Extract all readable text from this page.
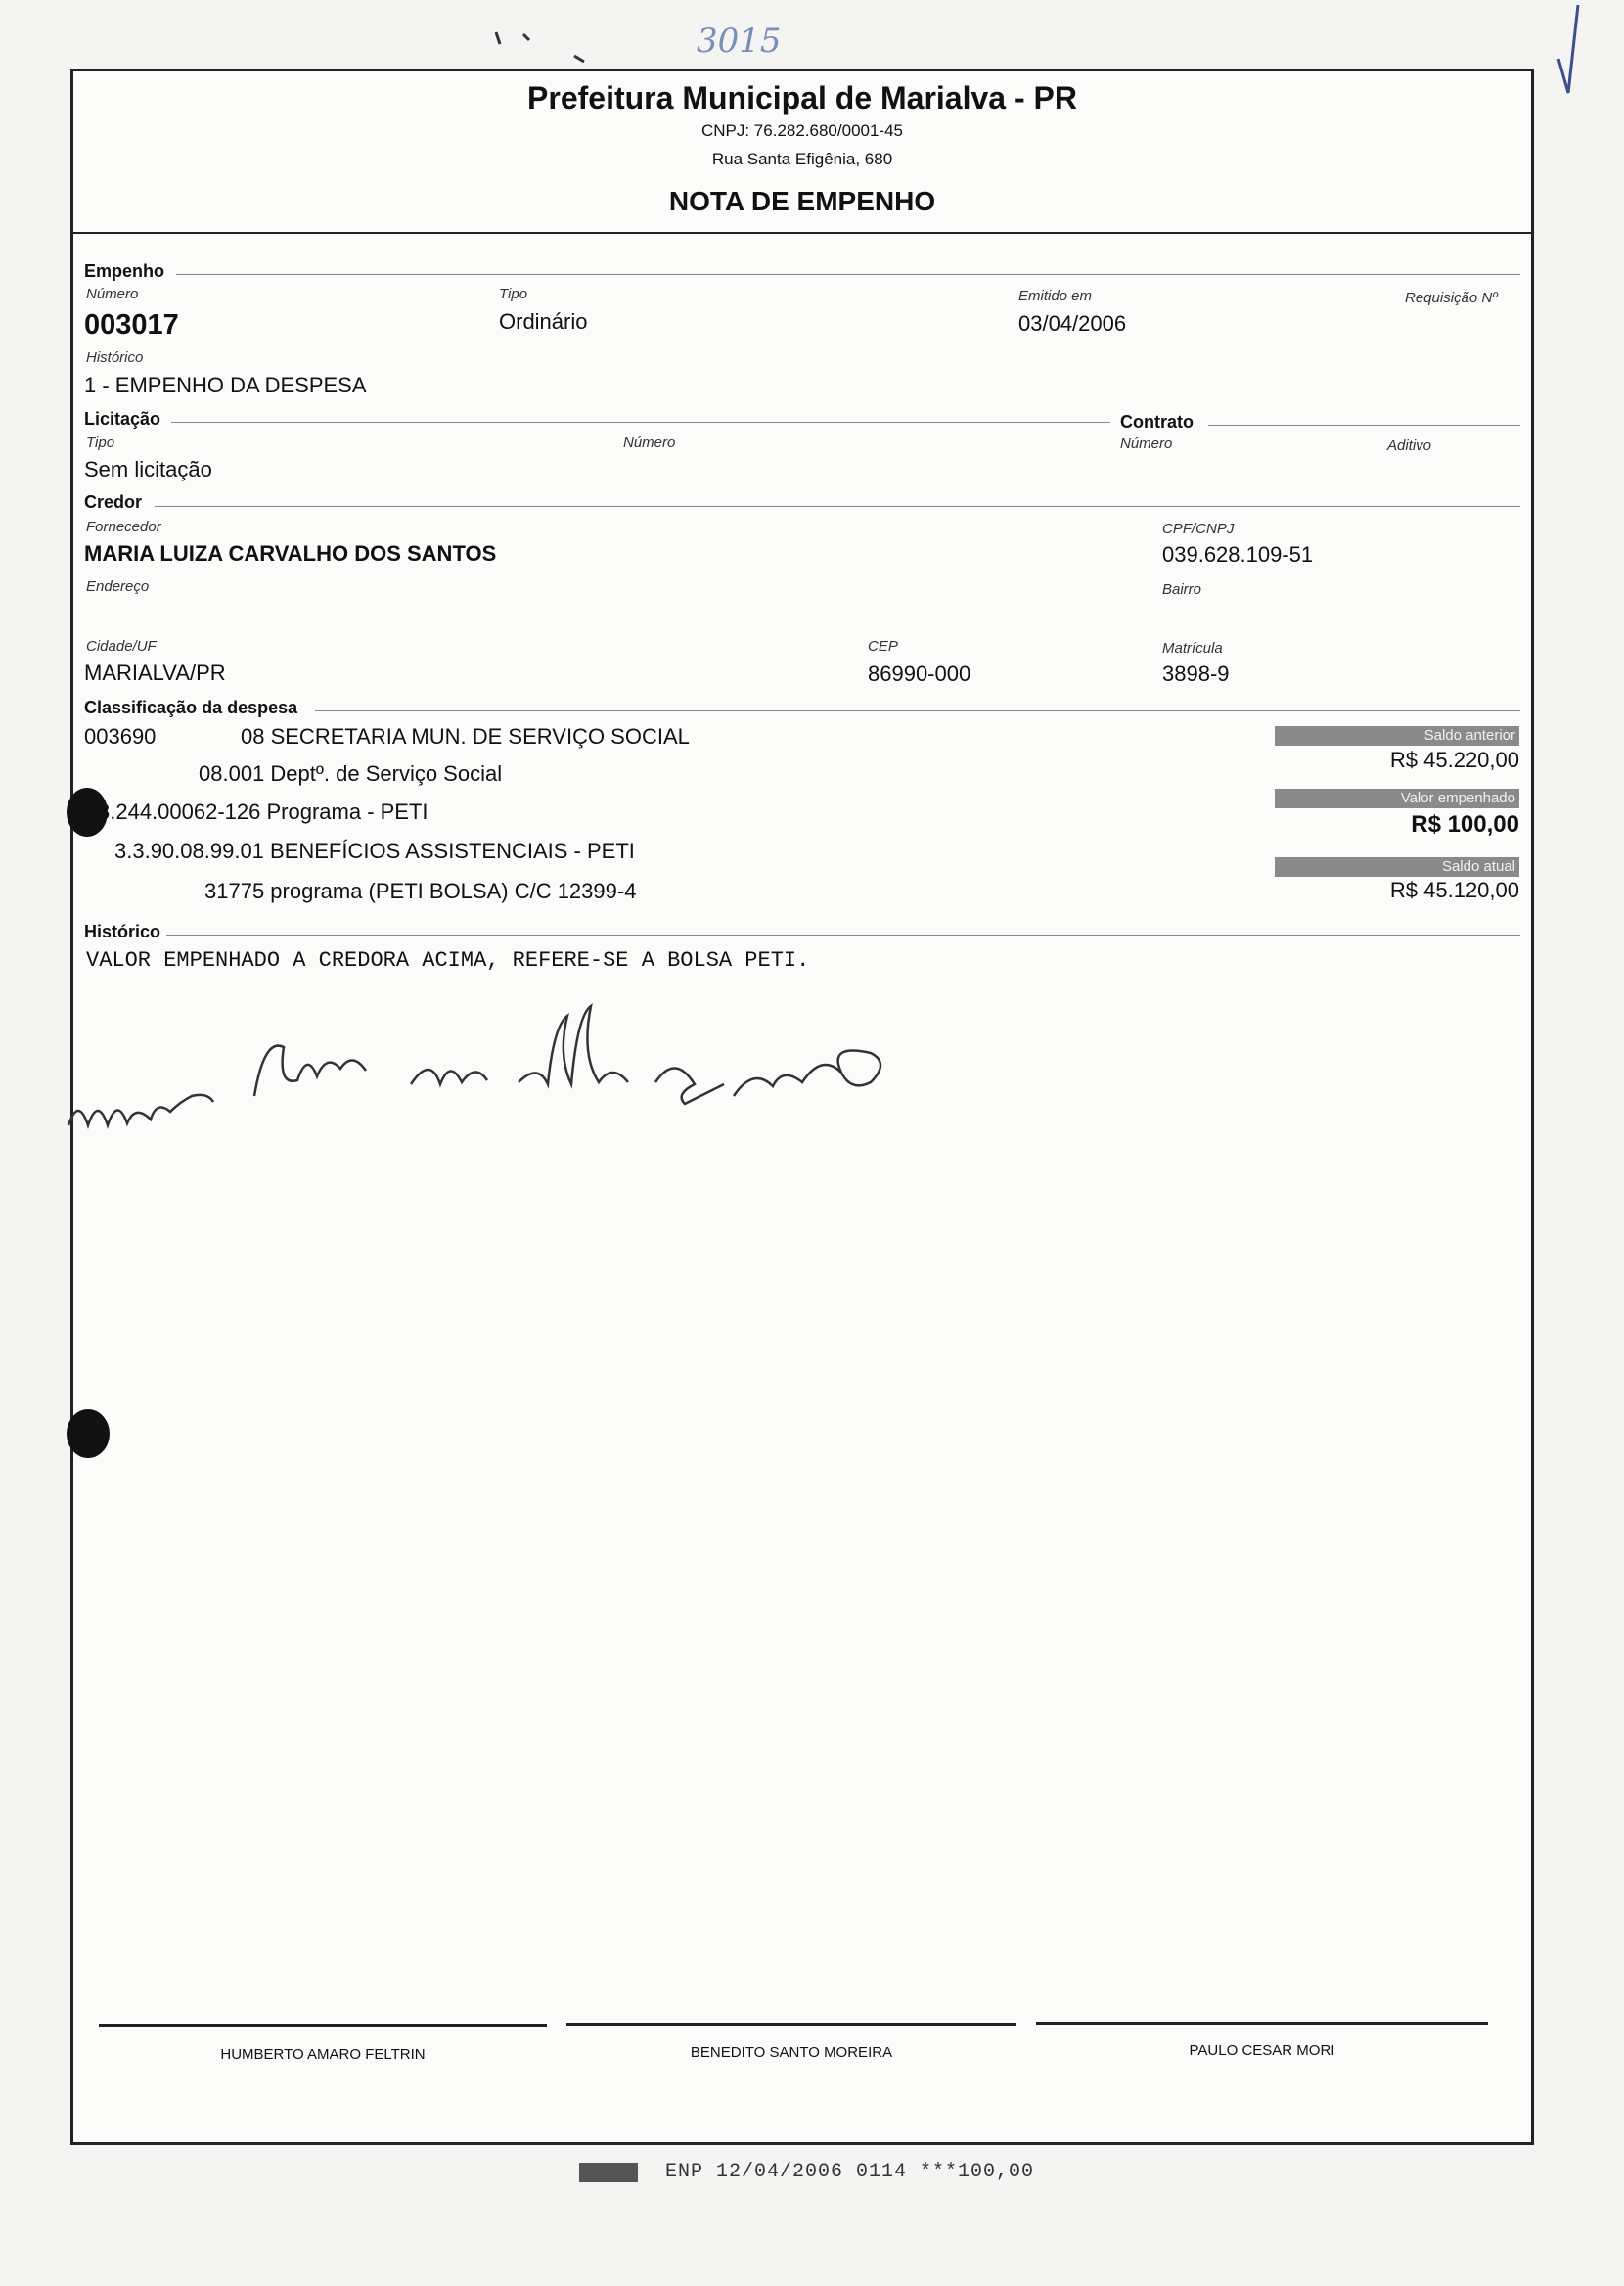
3015
Prefeitura Municipal de Marialva - PR
CNPJ: 76.282.680/0001-45
Rua Santa Efigênia, 680
NOTA DE EMPENHO
Empenho
Número
003017
Tipo
Ordinário
Emitido em
03/04/2006
Requisição Nº
Histórico
1 - EMPENHO DA DESPESA
Licitação	Contrato
Tipo
Sem licitação
Número	Número	Aditivo
Credor
Fornecedor
MARIA LUIZA CARVALHO DOS SANTOS
CPF/CNPJ
039.628.109-51
Endereço	Bairro
Cidade/UF
MARIALVA/PR
CEP
86990-000
Matrícula
3898-9
Classificação da despesa
003690	08 SECRETARIA MUN. DE SERVIÇO SOCIAL
08.001 Deptº. de Serviço Social
8.244.00062-126 Programa - PETI
3.3.90.08.99.01 BENEFÍCIOS ASSISTENCIAIS - PETI
31775 programa (PETI BOLSA) C/C 12399-4
Saldo anterior
R$ 45.220,00
Valor empenhado
R$ 100,00
Saldo atual
R$ 45.120,00
Histórico
VALOR EMPENHADO A CREDORA ACIMA, REFERE-SE A BOLSA PETI.
HUMBERTO AMARO FELTRIN	BENEDITO SANTO MOREIRA	PAULO CESAR MORI
ENP 12/04/2006 0114 ***100,00
